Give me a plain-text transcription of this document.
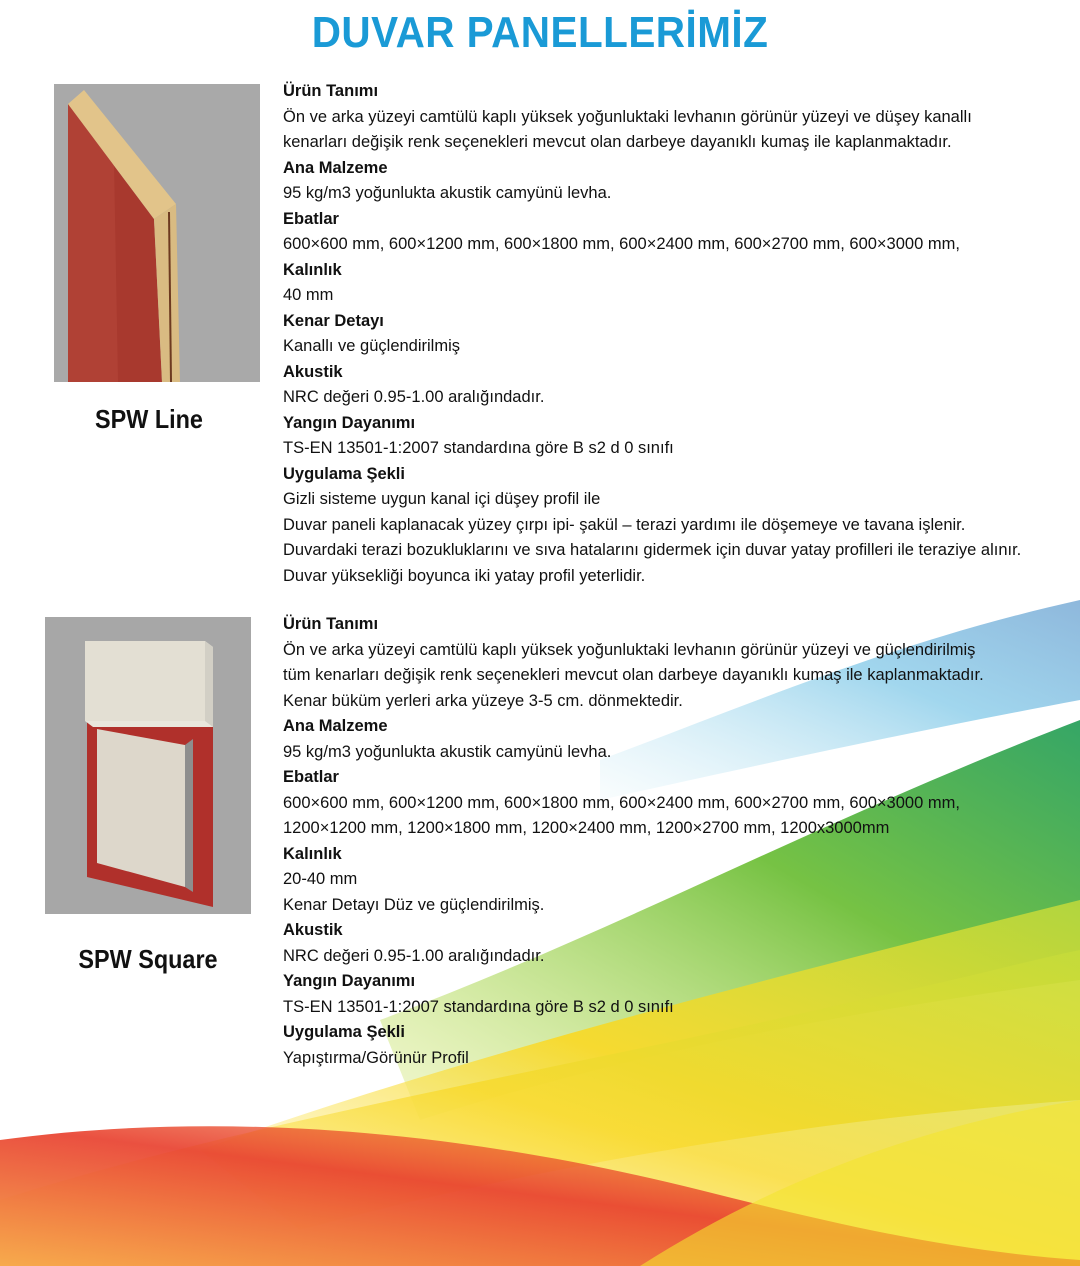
DUVAR PANELLERİMİZ
SPW Line
SPW Square
Ürün Tanımı
Ön ve arka yüzeyi camtülü kaplı yüksek yoğunluktaki levhanın görünür yüzeyi ve düşey kanallı
kenarları değişik renk seçenekleri mevcut olan darbeye dayanıklı kumaş ile kaplanmaktadır.
Ana Malzeme
95 kg/m3 yoğunlukta akustik camyünü levha.
Ebatlar
600×600 mm, 600×1200 mm, 600×1800 mm, 600×2400 mm, 600×2700 mm, 600×3000 mm,
Kalınlık
40 mm
Kenar Detayı
Kanallı ve güçlendirilmiş
Akustik
NRC değeri 0.95-1.00 aralığındadır.
Yangın Dayanımı
TS-EN 13501-1:2007 standardına göre B s2 d 0 sınıfı
Uygulama Şekli
Gizli sisteme uygun kanal içi düşey profil ile
Duvar paneli kaplanacak yüzey çırpı ipi- şakül – terazi yardımı ile döşemeye ve tavana işlenir.
Duvardaki terazi bozukluklarını ve sıva hatalarını gidermek için duvar yatay profilleri ile teraziye alınır.
Duvar yüksekliği boyunca iki yatay profil yeterlidir.
Ürün Tanımı
Ön ve arka yüzeyi camtülü kaplı yüksek yoğunluktaki levhanın görünür yüzeyi ve güçlendirilmiş
tüm kenarları değişik renk seçenekleri mevcut olan darbeye dayanıklı kumaş ile kaplanmaktadır.
Kenar büküm yerleri arka yüzeye 3-5 cm. dönmektedir.
Ana Malzeme
95 kg/m3 yoğunlukta akustik camyünü levha.
Ebatlar
600×600 mm, 600×1200 mm, 600×1800 mm, 600×2400 mm, 600×2700 mm, 600×3000 mm,
1200×1200 mm, 1200×1800 mm, 1200×2400 mm, 1200×2700 mm, 1200x3000mm
Kalınlık
20-40 mm
Kenar Detayı Düz ve güçlendirilmiş.
Akustik
NRC değeri 0.95-1.00 aralığındadır.
Yangın Dayanımı
TS-EN 13501-1:2007 standardına göre B s2 d 0 sınıfı
Uygulama Şekli
Yapıştırma/Görünür Profil
